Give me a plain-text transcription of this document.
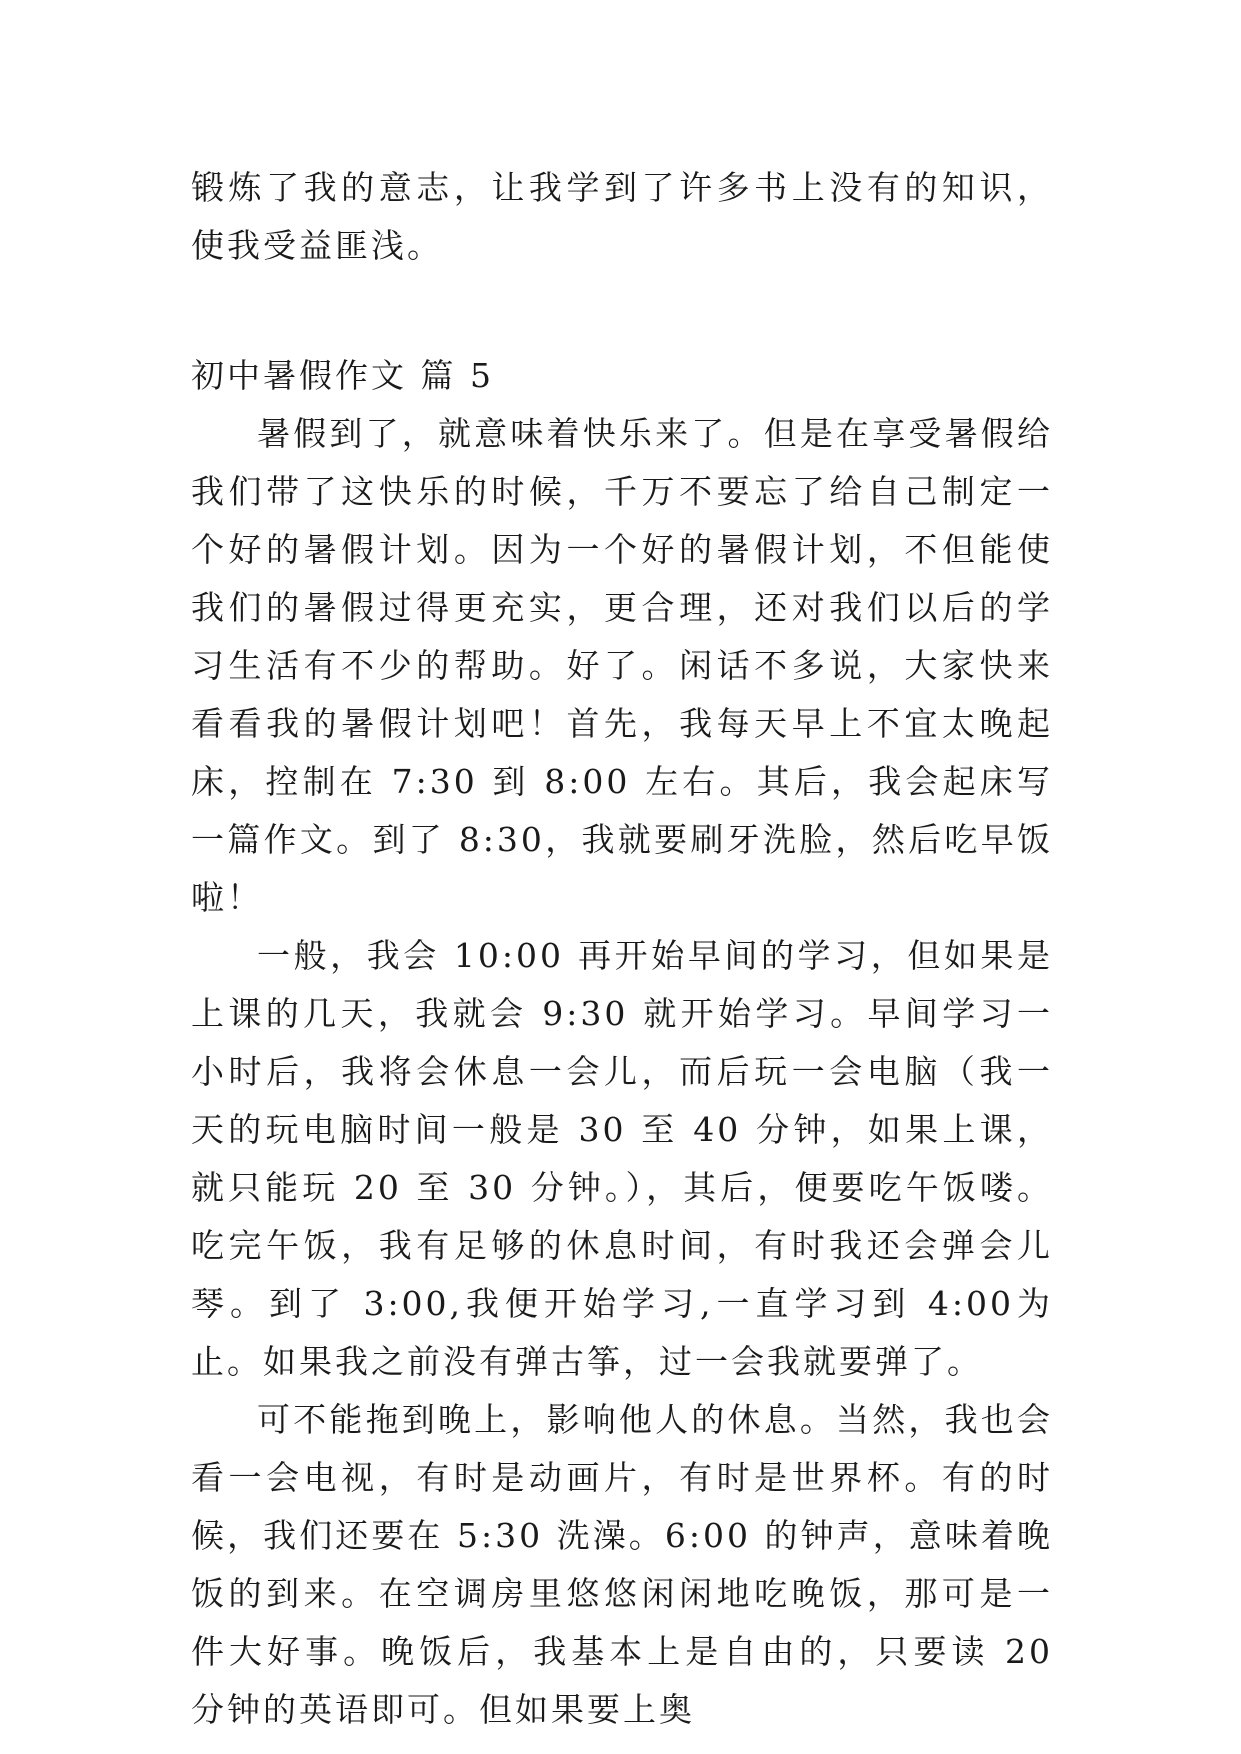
锻炼了我的意志，让我学到了许多书上没有的知识，使我受益匪浅。

初中暑假作文 篇 5

暑假到了，就意味着快乐来了。但是在享受暑假给我们带了这快乐的时候，千万不要忘了给自己制定一个好的暑假计划。因为一个好的暑假计划，不但能使我们的暑假过得更充实，更合理，还对我们以后的学习生活有不少的帮助。好了。闲话不多说，大家快来看看我的暑假计划吧！首先，我每天早上不宜太晚起床，控制在 7:30 到 8:00 左右。其后，我会起床写一篇作文。到了 8:30，我就要刷牙洗脸，然后吃早饭啦！

一般，我会 10:00 再开始早间的学习，但如果是上课的几天，我就会 9:30 就开始学习。早间学习一小时后，我将会休息一会儿，而后玩一会电脑（我一天的玩电脑时间一般是 30 至 40 分钟，如果上课，就只能玩 20 至 30 分钟。），其后，便要吃午饭喽。吃完午饭，我有足够的休息时间，有时我还会弹会儿琴。到了 3:00,我便开始学习,一直学习到 4:00为止。如果我之前没有弹古筝，过一会我就要弹了。

可不能拖到晚上，影响他人的休息。当然，我也会看一会电视，有时是动画片，有时是世界杯。有的时候，我们还要在 5:30 洗澡。6:00 的钟声，意味着晚饭的到来。在空调房里悠悠闲闲地吃晚饭，那可是一件大好事。晚饭后，我基本上是自由的，只要读 20 分钟的英语即可。但如果要上奥
